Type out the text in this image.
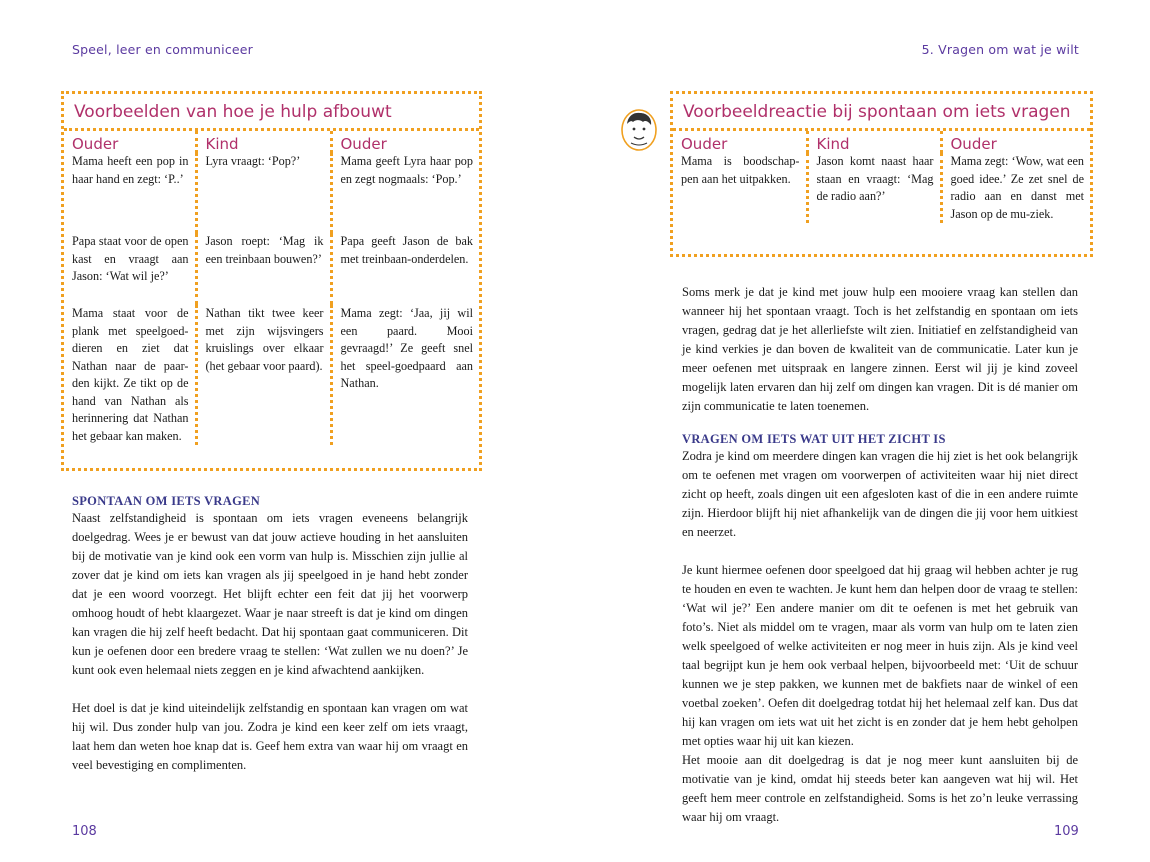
Speel, leer en communiceer
Voorbeelden van hoe je hulp afbouwt
Ouder	Kind	Ouder
Mama heeft een pop in haar hand en zegt: ‘P..’	Lyra vraagt: ‘Pop?’	Mama geeft Lyra haar pop en zegt nogmaals: ‘Pop.’
Papa staat voor de open kast en vraagt aan Jason: ‘Wat wil je?’	Jason roept: ‘Mag ik een treinbaan bouwen?’	Papa geeft Jason de bak met treinbaan-onderdelen.
Mama staat voor de plank met speelgoed-dieren en ziet dat Nathan naar de paar-den kijkt. Ze tikt op de hand van Nathan als herinnering dat Nathan het gebaar kan maken.	Nathan tikt twee keer met zijn wijsvingers kruislings over elkaar (het gebaar voor paard).	Mama zegt: ‘Jaa, jij wil een paard. Mooi gevraagd!’ Ze geeft snel het speel-goedpaard aan Nathan.

SPONTAAN OM IETS VRAGEN

Naast zelfstandigheid is spontaan om iets vragen eveneens belangrijk doelgedrag. Wees je er bewust van dat jouw actieve houding in het aansluiten bij de motivatie van je kind ook een vorm van hulp is. Misschien zijn jullie al zover dat je kind om iets kan vragen als jij speelgoed in je hand hebt zonder dat je een woord voorzegt. Het blijft echter een feit dat jij het voorwerp omhoog houdt of hebt klaargezet. Waar je naar streeft is dat je kind om dingen kan vragen die hij zelf heeft bedacht. Dat hij spontaan gaat communiceren. Dit kun je oefenen door een bredere vraag te stellen: ‘Wat zullen we nu doen?’ Je kunt ook even helemaal niets zeggen en je kind afwachtend aankijken.

Het doel is dat je kind uiteindelijk zelfstandig en spontaan kan vragen om wat hij wil. Dus zonder hulp van jou. Zodra je kind een keer zelf om iets vraagt, laat hem dan weten hoe knap dat is. Geef hem extra van waar hij om vraagt en veel bevestiging en complimenten.

108
5. Vragen om wat je wilt
Voorbeeldreactie bij spontaan om iets vragen
Ouder	Kind	Ouder
Mama is boodschap-pen aan het uitpakken.	Jason komt naast haar staan en vraagt: ‘Mag de radio aan?’	Mama zegt: ‘Wow, wat een goed idee.’ Ze zet snel de radio aan en danst met Jason op de mu-ziek.

Soms merk je dat je kind met jouw hulp een mooiere vraag kan stellen dan wanneer hij het spontaan vraagt. Toch is het zelfstandig en spontaan om iets vragen, gedrag dat je het allerliefste wilt zien. Initiatief en zelfstandigheid van je kind verkies je dan boven de kwaliteit van de communicatie. Later kun je meer oefenen met uitspraak en langere zinnen. Eerst wil jij je kind zoveel mogelijk laten ervaren dan hij zelf om dingen kan vragen. Dit is dé manier om zijn communicatie te laten toenemen.

VRAGEN OM IETS WAT UIT HET ZICHT IS

Zodra je kind om meerdere dingen kan vragen die hij ziet is het ook belangrijk om te oefenen met vragen om voorwerpen of activiteiten waar hij niet direct zicht op heeft, zoals dingen uit een afgesloten kast of die in een andere ruimte zijn. Hierdoor blijft hij niet afhankelijk van de dingen die jij voor hem uitkiest en neerzet.

Je kunt hiermee oefenen door speelgoed dat hij graag wil hebben achter je rug te houden en even te wachten. Je kunt hem dan helpen door de vraag te stellen: ‘Wat wil je?’ Een andere manier om dit te oefenen is met het gebruik van foto’s. Niet als middel om te vragen, maar als vorm van hulp om te laten zien welk speelgoed of welke activiteiten er nog meer in huis zijn. Als je kind veel taal begrijpt kun je hem ook verbaal helpen, bijvoorbeeld met: ‘Uit de schuur kunnen we je step pakken, we kunnen met de bakfiets naar de winkel of een voetbal zoeken’. Oefen dit doelgedrag totdat hij het helemaal zelf kan. Dus dat hij kan vragen om iets wat uit het zicht is en zonder dat je hem hebt geholpen met opties waar hij uit kan kiezen.

Het mooie aan dit doelgedrag is dat je nog meer kunt aansluiten bij de motivatie van je kind, omdat hij steeds beter kan aangeven wat hij wil. Het geeft hem meer controle en zelfstandigheid. Soms is het zo’n leuke verrassing waar hij om vraagt.

109
